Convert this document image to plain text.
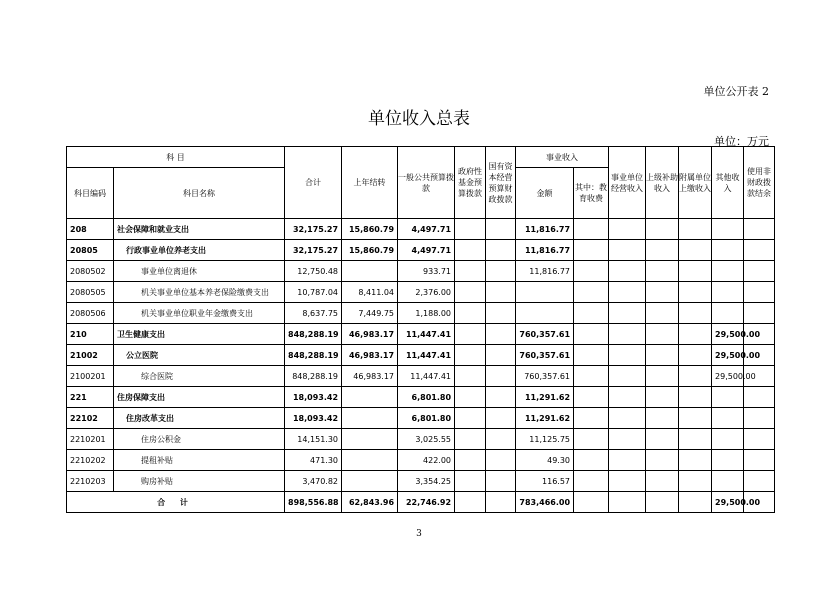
单位公开表 2
单位收入总表
单位：万元
科 目		合计	上年结转	一般公共预算拨款	政府性基金预算拨款	国有资本经营预算财政拨款	事业收入		事业单位经营收入	上级补助收入	附属单位上缴收入	其他收入	使用非财政拨款结余
科目编码	科目名称						金额	其中：教育收费					
208	社会保障和就业支出	32,175.27	15,860.79	4,497.71			11,816.77						
20805	行政事业单位养老支出	32,175.27	15,860.79	4,497.71			11,816.77						
2080502	事业单位离退休	12,750.48		933.71			11,816.77						
2080505	机关事业单位基本养老保险缴费支出	10,787.04	8,411.04	2,376.00									
2080506	机关事业单位职业年金缴费支出	8,637.75	7,449.75	1,188.00									
210	卫生健康支出	848,288.19	46,983.17	11,447.41			760,357.61					29,500.00	
21002	公立医院	848,288.19	46,983.17	11,447.41			760,357.61					29,500.00	
2100201	综合医院	848,288.19	46,983.17	11,447.41			760,357.61					29,500.00	
221	住房保障支出	18,093.42		6,801.80			11,291.62						
22102	住房改革支出	18,093.42		6,801.80			11,291.62						
2210201	住房公积金	14,151.30		3,025.55			11,125.75						
2210202	提租补贴	471.30		422.00			49.30						
2210203	购房补贴	3,470.82		3,354.25			116.57						
合 计		898,556.88	62,843.96	22,746.92			783,466.00					29,500.00	
3
